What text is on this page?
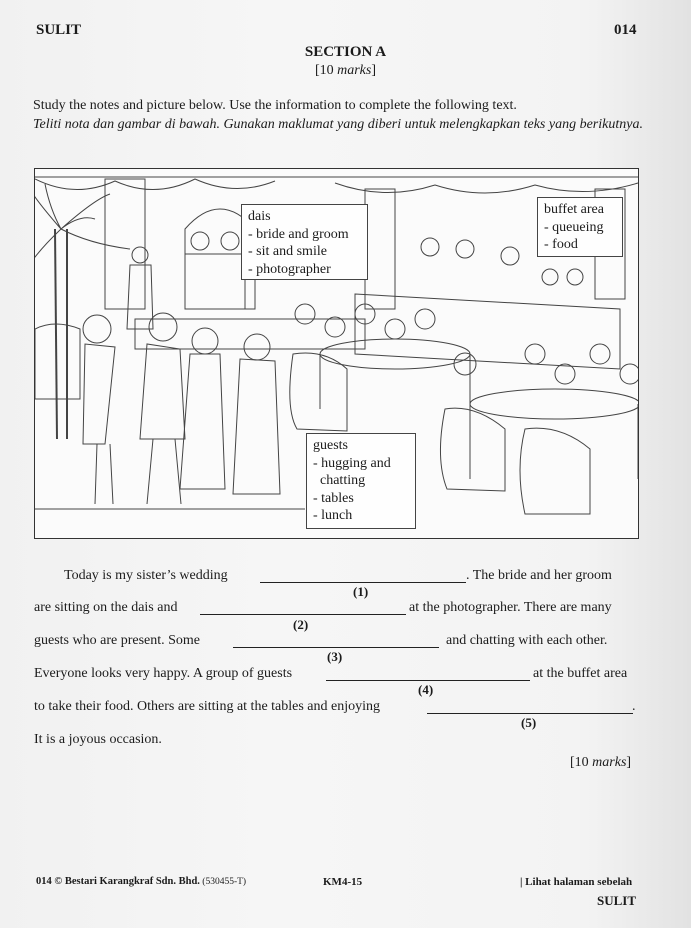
SULIT	014
SECTION A
[10 marks]
Study the notes and picture below. Use the information to complete the following text.
Teliti nota dan gambar di bawah. Gunakan maklumat yang diberi untuk melengkapkan teks yang berikutnya.
dais
- bride and groom
- sit and smile
- photographer
buffet area
- queueing
- food
guests
- hugging and
chatting
- tables
- lunch
Today is my sister’s wedding	. The bride and her groom
(1)
are sitting on the dais and	at the photographer. There are many
(2)
guests who are present. Some	and chatting with each other.
(3)
Everyone looks very happy. A group of guests	at the buffet area
(4)
to take their food. Others are sitting at the tables and enjoying	.
(5)
It is a joyous occasion.
[10 marks]
014 © Bestari Karangkraf Sdn. Bhd. (530455-T)	KM4-15	| Lihat halaman sebelah
SULIT
